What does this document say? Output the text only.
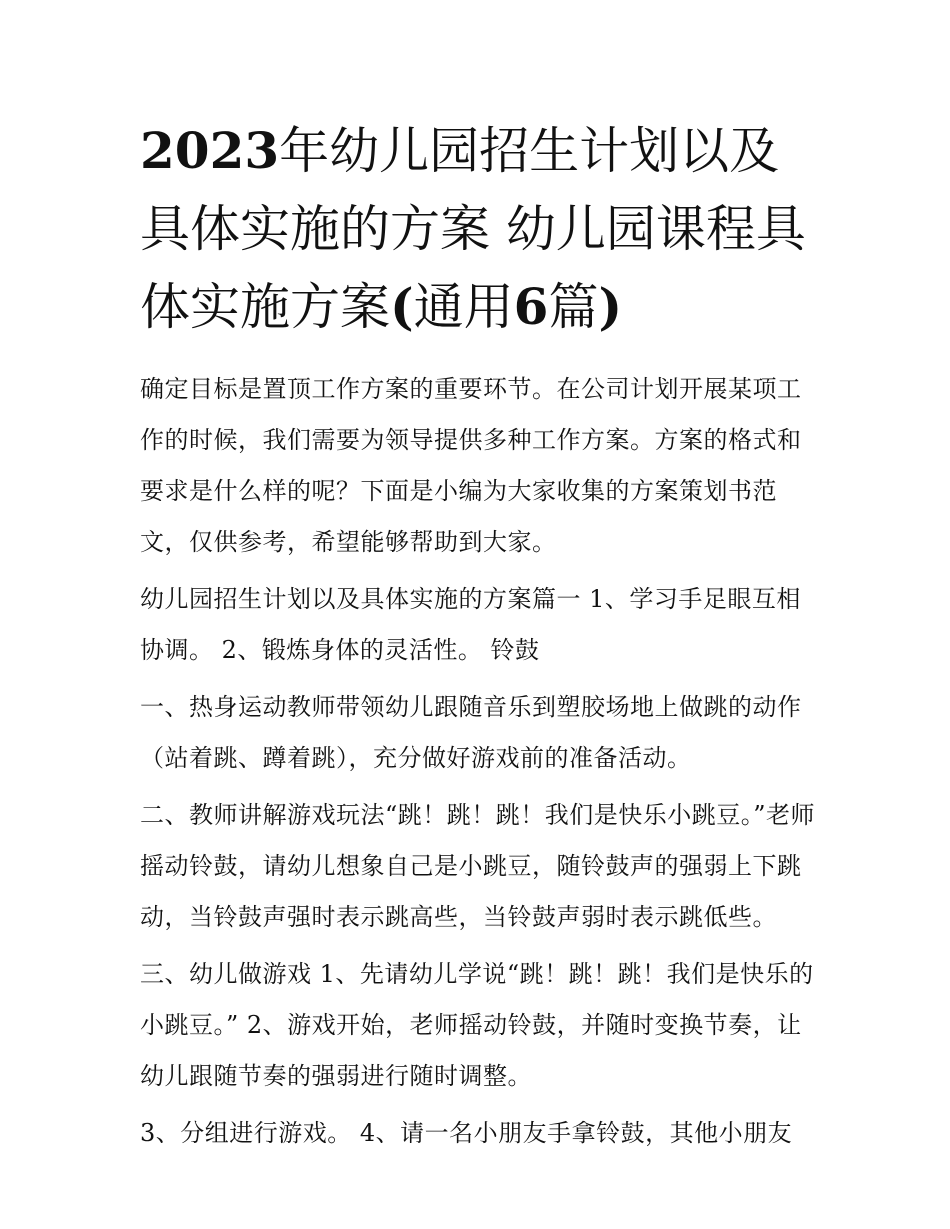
2023年幼儿园招生计划以及具体实施的方案 幼儿园课程具体实施方案(通用6篇)

确定目标是置顶工作方案的重要环节。在公司计划开展某项工作的时候，我们需要为领导提供多种工作方案。方案的格式和要求是什么样的呢？下面是小编为大家收集的方案策划书范文，仅供参考，希望能够帮助到大家。

幼儿园招生计划以及具体实施的方案篇一 1、学习手足眼互相协调。 2、锻炼身体的灵活性。 铃鼓

一、热身运动教师带领幼儿跟随音乐到塑胶场地上做跳的动作（站着跳、蹲着跳），充分做好游戏前的准备活动。

二、教师讲解游戏玩法“跳！跳！跳！我们是快乐小跳豆。”老师摇动铃鼓，请幼儿想象自己是小跳豆，随铃鼓声的强弱上下跳动，当铃鼓声强时表示跳高些，当铃鼓声弱时表示跳低些。

三、幼儿做游戏 1、先请幼儿学说“跳！跳！跳！我们是快乐的小跳豆。” 2、游戏开始，老师摇动铃鼓，并随时变换节奏，让幼儿跟随节奏的强弱进行随时调整。

3、分组进行游戏。 4、请一名小朋友手拿铃鼓，其他小朋友
